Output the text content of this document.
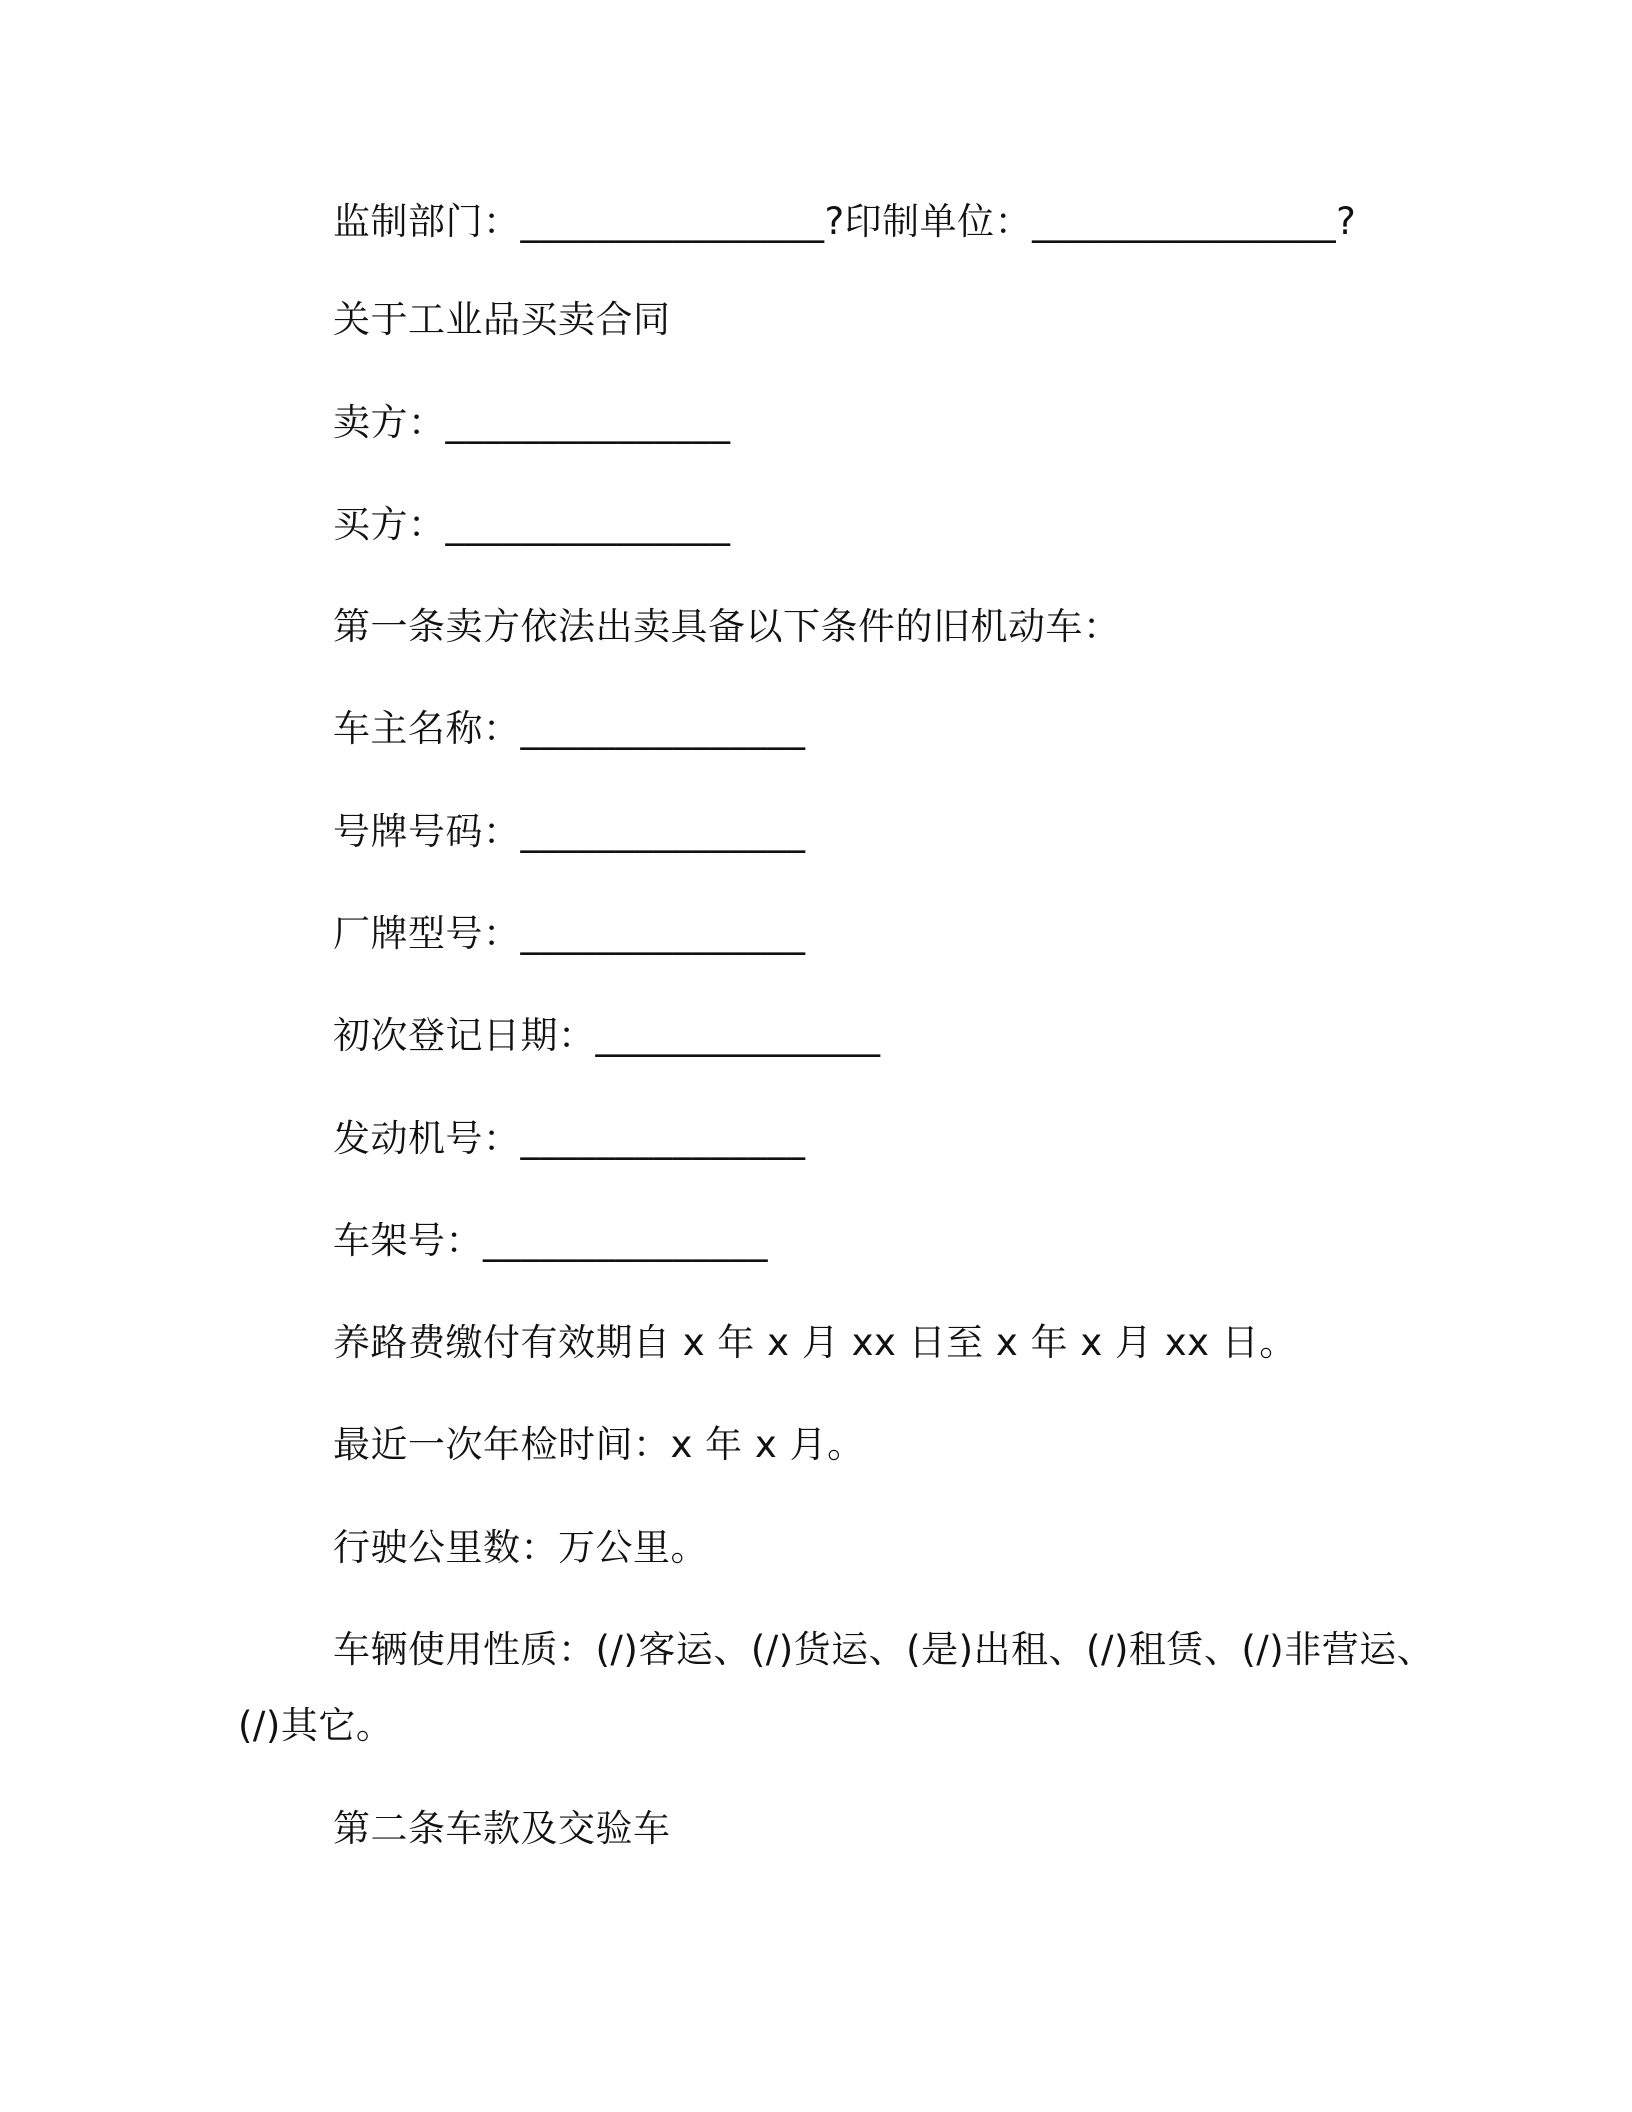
监制部门：________________?印制单位：________________?
关于工业品买卖合同
卖方：_______________
买方：_______________
第一条卖方依法出卖具备以下条件的旧机动车：
车主名称：_______________
号牌号码：_______________
厂牌型号：_______________
初次登记日期：_______________
发动机号：_______________
车架号：_______________
养路费缴付有效期自 x 年 x 月 xx 日至 x 年 x 月 xx 日。
最近一次年检时间：x 年 x 月。
行驶公里数：万公里。
车辆使用性质：(/)客运、(/)货运、(是)出租、(/)租赁、(/)非营运、
(/)其它。
第二条车款及交验车
